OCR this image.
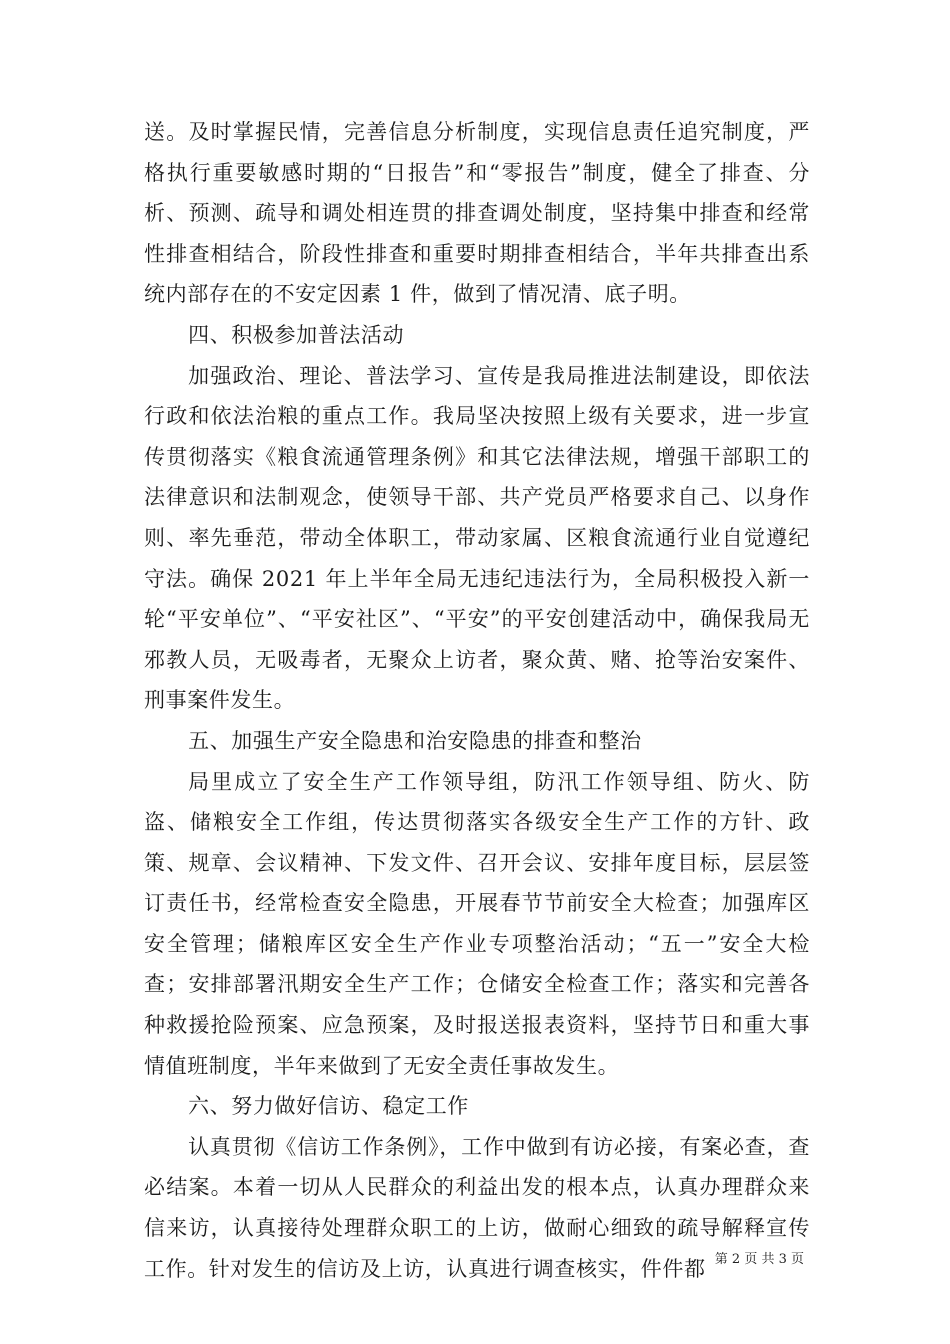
送。及时掌握民情，完善信息分析制度，实现信息责任追究制度，严格执行重要敏感时期的“日报告”和“零报告”制度，健全了排查、分析、预测、疏导和调处相连贯的排查调处制度，坚持集中排查和经常性排查相结合，阶段性排查和重要时期排查相结合，半年共排查出系统内部存在的不安定因素 1 件，做到了情况清、底子明。

四、积极参加普法活动

加强政治、理论、普法学习、宣传是我局推进法制建设，即依法行政和依法治粮的重点工作。我局坚决按照上级有关要求，进一步宣传贯彻落实《粮食流通管理条例》和其它法律法规，增强干部职工的法律意识和法制观念，使领导干部、共产党员严格要求自己、以身作则、率先垂范，带动全体职工，带动家属、区粮食流通行业自觉遵纪守法。确保 2021 年上半年全局无违纪违法行为，全局积极投入新一轮“平安单位”、“平安社区”、“平安”的平安创建活动中，确保我局无邪教人员，无吸毒者，无聚众上访者，聚众黄、赌、抢等治安案件、刑事案件发生。

五、加强生产安全隐患和治安隐患的排查和整治

局里成立了安全生产工作领导组，防汛工作领导组、防火、防盗、储粮安全工作组，传达贯彻落实各级安全生产工作的方针、政策、规章、会议精神、下发文件、召开会议、安排年度目标，层层签订责任书，经常检查安全隐患，开展春节节前安全大检查；加强库区安全管理；储粮库区安全生产作业专项整治活动；“五一”安全大检查；安排部署汛期安全生产工作；仓储安全检查工作；落实和完善各种救援抢险预案、应急预案，及时报送报表资料，坚持节日和重大事情值班制度，半年来做到了无安全责任事故发生。

六、努力做好信访、稳定工作

认真贯彻《信访工作条例》，工作中做到有访必接，有案必查，查必结案。本着一切从人民群众的利益出发的根本点，认真办理群众来信来访，认真接待处理群众职工的上访，做耐心细致的疏导解释宣传工作。针对发生的信访及上访，认真进行调查核实，件件都 第 2 页 共 3 页
